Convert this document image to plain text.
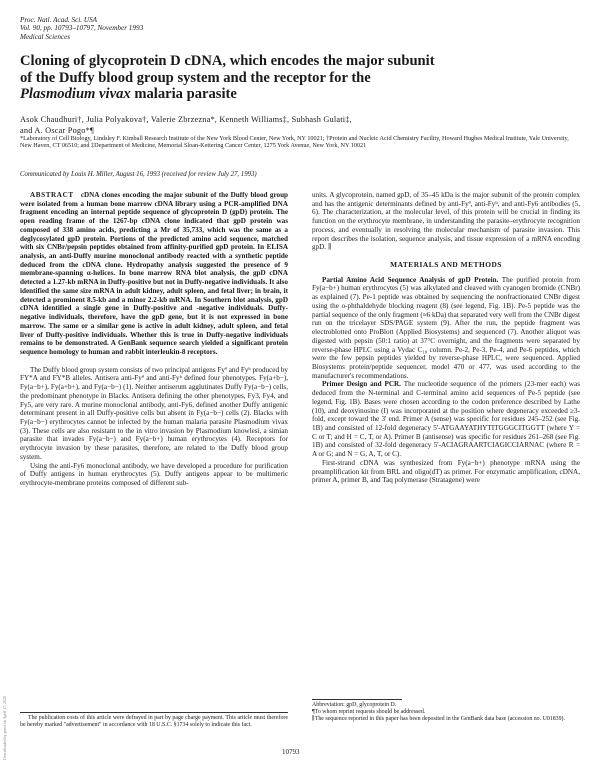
Proc. Natl. Acad. Sci. USA
Vol. 90, pp. 10793–10797, November 1993
Medical Sciences
Cloning of glycoprotein D cDNA, which encodes the major subunit
of the Duffy blood group system and the receptor for the
Plasmodium vivax malaria parasite
Asok Chaudhuri†, Julia Polyakova†, Valerie Zbrzezna*, Kenneth Williams‡, Subhash Gulati‡,
and A. Oscar Pogo*¶
*Laboratory of Cell Biology, Lindsley F. Kimball Research Institute of the New York Blood Center, New York, NY 10021; †Protein and Nucleic Acid Chemistry Facility, Howard Hughes Medical Institute, Yale University, New Haven, CT 06510; and ‡Department of Medicine, Memorial Sloan-Kettering Cancer Center, 1275 York Avenue, New York, NY 10021
Communicated by Louis H. Miller, August 16, 1993 (received for review July 27, 1993)

ABSTRACT cDNA clones encoding the major subunit of the Duffy blood group were isolated from a human bone marrow cDNA library using a PCR-amplified DNA fragment encoding an internal peptide sequence of glycoprotein D (gpD) protein. The open reading frame of the 1267-bp cDNA clone indicated that gpD protein was composed of 338 amino acids, predicting a Mr of 35,733, which was the same as a deglycosylated gpD protein. Portions of the predicted amino acid sequence, matched with six CNBr/pepsin peptides obtained from affinity-purified gpD protein. In ELISA analysis, an anti-Duffy murine monoclonal antibody reacted with a synthetic peptide deduced from the cDNA clone. Hydropathy analysis suggested the presence of 9 membrane-spanning α-helices. In bone marrow RNA blot analysis, the gpD cDNA detected a 1.27-kb mRNA in Duffy-positive but not in Duffy-negative individuals. It also identified the same size mRNA in adult kidney, adult spleen, and fetal liver; in brain, it detected a prominent 8.5-kb and a minor 2.2-kb mRNA. In Southern blot analysis, gpD cDNA identified a single gene in Duffy-positive and -negative individuals. Duffy-negative individuals, therefore, have the gpD gene, but it is not expressed in bone marrow. The same or a similar gene is active in adult kidney, adult spleen, and fetal liver of Duffy-positive individuals. Whether this is true in Duffy-negative individuals remains to be demonstrated. A GenBank sequence search yielded a significant protein sequence homology to human and rabbit interleukin-8 receptors.

The Duffy blood group system consists of two principal antigens Fyª and Fyᵇ produced by FY*A and FY*B alleles. Antisera anti-Fyª and anti-Fyᵇ defined four phenotypes. Fy(a+b−), Fy(a−b+), Fy(a+b+), and Fy(a−b−) (1). Neither antiserum agglutinates Duffy Fy(a−b−) cells, the predominant phenotype in Blacks. Antisera defining the other phenotypes, Fy3, Fy4, and Fy5, are very rare. A murine monoclonal antibody, anti-Fy6, defined another Duffy antigenic determinant present in all Duffy-positive cells but absent in Fy(a−b−) cells (2). Blacks with Fy(a−b−) erythrocytes cannot be infected by the human malaria parasite Plasmodium vivax (3). These cells are also resistant to the in vitro invasion by Plasmodium knowlesi, a simian parasite that invades Fy(a−b−) and Fy(a−b+) human erythrocytes (4). Receptors for erythrocyte invasion by these parasites, therefore, are related to the Duffy blood group system.

Using the anti-Fy6 monoclonal antibody, we have developed a procedure for purification of Duffy antigens in human erythrocytes (5). Duffy antigens appear to be multimeric erythrocyte-membrane proteins composed of different sub-

The publication costs of this article were defrayed in part by page charge payment. This article must therefore be hereby marked "advertisement" in accordance with 18 U.S.C. §1734 solely to indicate this fact.

units. A glycoprotein, named gpD, of 35–45 kDa is the major subunit of the protein complex and has the antigenic determinants defined by anti-Fyª, anti-Fyᵇ, and anti-Fy6 antibodies (5, 6). The characterization, at the molecular level, of this protein will be crucial in finding its function on the erythrocyte membrane, in understanding the parasite–erythrocyte recognition process, and eventually in resolving the molecular mechanism of parasite invasion. This report describes the isolation, sequence analysis, and tissue expression of a mRNA encoding gpD. ∥

MATERIALS AND METHODS

Partial Amino Acid Sequence Analysis of gpD Protein. The purified protein from Fy(a−b+) human erythrocytes (5) was alkylated and cleaved with cyanogen bromide (CNBr) as explained (7). Pe-1 peptide was obtained by sequencing the nonfractionated CNBr digest using the o-phthaldehyde blocking reagent (8) (see legend, Fig. 1B). Pe-5 peptide was the partial sequence of the only fragment (≈6 kDa) that separated very well from the CNBr digest run on the tricelayer SDS/PAGE system (9). After the run, the peptide fragment was electroblotted onto ProBlott (Applied Biosystems) and sequenced (7). Another aliquot was digested with pepsin (50:1 ratio) at 37°C overnight, and the fragments were separated by reverse-phase HPLC using a Vydac C₁₈ column. Pe-2, Pe-3, Pe-4, and Pe-6 peptides, which were the few pepsin peptides yielded by reverse-phase HPLC, were sequenced. Applied Biosystems protein/peptide sequencer, model 470 or 477, was used according to the manufacturer's recommendations.

Primer Design and PCR. The nucleotide sequence of the primers (23-mer each) was deduced from the N-terminal and C-terminal amino acid sequences of Pe-5 peptide (see legend, Fig. 1B). Bases were chosen according to the codon preference described by Lathe (10), and deoxyinosine (I) was incorporated at the position where degeneracy exceeded ≥3-fold, except toward the 3' end. Primer A (sense) was specific for residues 245–252 (see Fig. 1B) and consisted of 12-fold degeneracy 5'-ATGAAYATHYTITGGGCITGGTT (where Y = C or T; and H = C, T, or A). Primer B (antisense) was specific for residues 261–268 (see Fig. 1B) and consisted of 32-fold degeneracy 5'-ACIAGRAARTCIAGICCIARNAC (where R = A or G; and N = G, A, T, or C).

First-strand cDNA was synthesized from Fy(a−b+) phenotype mRNA using the preamplification kit from BRL and oligo(dT) as primer. For enzymatic amplification, cDNA, primer A, primer B, and Taq polymerase (Stratagene) were

Abbreviation: gpD, glycoprotein D.

¶To whom reprint requests should be addressed.

∥The sequence reported in this paper has been deposited in the GenBank data base (accession no. U01839).

10793
Downloaded by guest on April 17, 2020
